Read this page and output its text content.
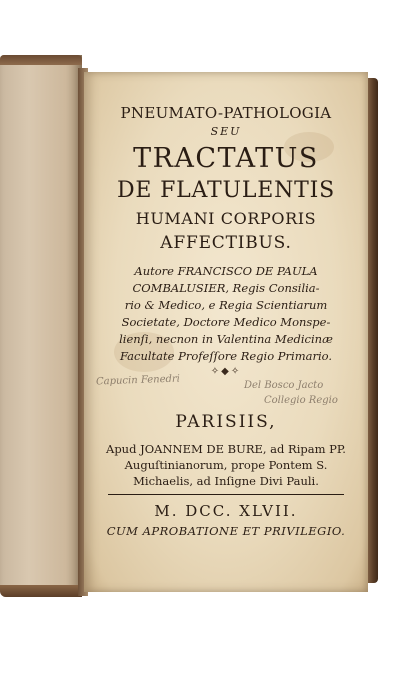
PNEUMATO-PATHOLOGIA
SEU
TRACTATUS
DE FLATULENTIS
HUMANI CORPORIS
AFFECTIBUS.
Autore FRANCISCO DE PAULA
COMBALUSIER, Regis Consilia-
rio & Medico, e Regia Scientiarum
Societate, Doctore Medico Monspe-
lienſi, necnon in Valentina Medicinæ
Facultate Profeſſore Regio Primario.
✧◆✧
Capucin Fenedri	Del Bosco Jacto
Collegio Regio
PARISIIS,
Apud JOANNEM DE BURE, ad Ripam PP.
Auguſtinianorum, prope Pontem S.
Michaelis, ad Inſigne Divi Pauli.
M. DCC. XLVII.
CUM APROBATIONE ET PRIVILEGIO.
